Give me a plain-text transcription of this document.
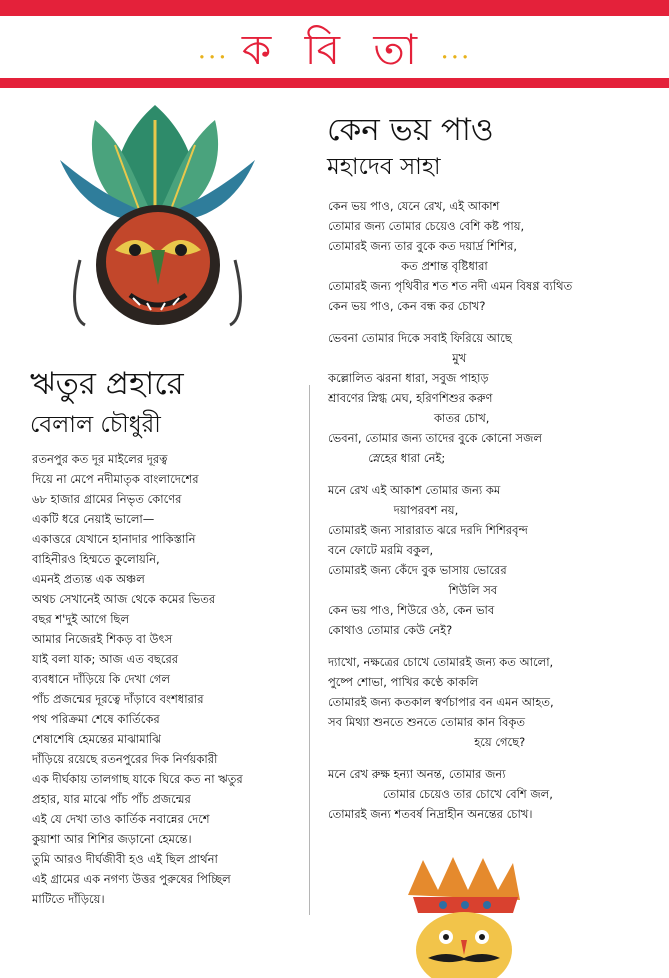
... ক বি তা ...
ঋতুর প্রহারে
বেলাল চৌধুরী
রতনপুর কত দূর মাইলের দূরত্ব
দিয়ে না মেপে নদীমাতৃক বাংলাদেশের
৬৮ হাজার গ্রামের নিভৃত কোণের
একটি ধরে নেয়াই ভালো—
একাত্তরে যেখানে হানাদার পাকিস্তানি
বাহিনীরও হিম্মতে কুলোয়নি,
এমনই প্রত্যন্ত এক অঞ্চল
অথচ সেখানেই আজ থেকে কমের ভিতর
বছর শ'দুই আগে ছিল
আমার নিজেরই শিকড় বা উৎস
যাই বলা যাক; আজ এত বছরের
ব্যবধানে দাঁড়িয়ে কি দেখা গেল
পাঁচ প্রজন্মের দূরত্বে দাঁড়াবে বংশধারার
পথ পরিক্রমা শেষে কার্তিকের
শেষাশেষি হেমন্তের মাঝামাঝি
দাঁড়িয়ে রয়েছে রতনপুরের দিক নির্ণয়কারী
এক দীর্ঘকায় তালগাছ যাকে ঘিরে কত না ঋতুর
প্রহার, যার মাঝে পাঁচ পাঁচ প্রজন্মের
এই যে দেখা তাও কার্তিক নবান্নের দেশে
কুয়াশা আর শিশির জড়ানো হেমন্তে।
তুমি আরও দীর্ঘজীবী হও এই ছিল প্রার্থনা
এই গ্রামের এক নগণ্য উত্তর পুরুষের পিচ্ছিল
মাটিতে দাঁড়িয়ে।
কেন ভয় পাও
মহাদেব সাহা
কেন ভয় পাও, যেনে রেখ, এই আকাশ
তোমার জন্য তোমার চেয়েও বেশি কষ্ট পায়,
তোমারই জন্য তার বুকে কত দয়ার্দ্র শিশির,
কত প্রশান্ত বৃষ্টিধারা
তোমারই জন্য পৃথিবীর শত শত নদী এমন বিষণ্ণ ব্যথিত
কেন ভয় পাও, কেন বন্ধ কর চোখ?
ভেবনা তোমার দিকে সবাই ফিরিয়ে আছে
মুখ
কল্লোলিত ঝরনা ধারা, সবুজ পাহাড়
শ্রাবণের স্নিগ্ধ মেঘ, হরিণশিশুর করুণ
কাতর চোখ,
ভেবনা, তোমার জন্য তাদের বুকে কোনো সজল
স্নেহের ধারা নেই;
মনে রেখ এই আকাশ তোমার জন্য কম
দয়াপরবশ নয়,
তোমারই জন্য সারারাত ঝরে দরদি শিশিরবৃন্দ
বনে ফোটে মরমি বকুল,
তোমারই জন্য কেঁদে বুক ভাসায় ভোরের
শিউলি সব
কেন ভয় পাও, শিউরে ওঠ, কেন ভাব
কোথাও তোমার কেউ নেই?
দ্যাখো, নক্ষত্রের চোখে তোমারই জন্য কত আলো,
পুষ্পে শোভা, পাখির কণ্ঠে কাকলি
তোমারই জন্য কতকাল স্বর্ণচাপার বন এমন আহত,
সব মিথ্যা শুনতে শুনতে তোমার কান বিকৃত
হয়ে গেছে?
মনে রেখ রুক্ষ হন্যা অনন্ত, তোমার জন্য
তোমার চেয়েও তার চোখে বেশি জল,
তোমারই জন্য শতবর্ষ নিদ্রাহীন অনন্তের চোখ।
